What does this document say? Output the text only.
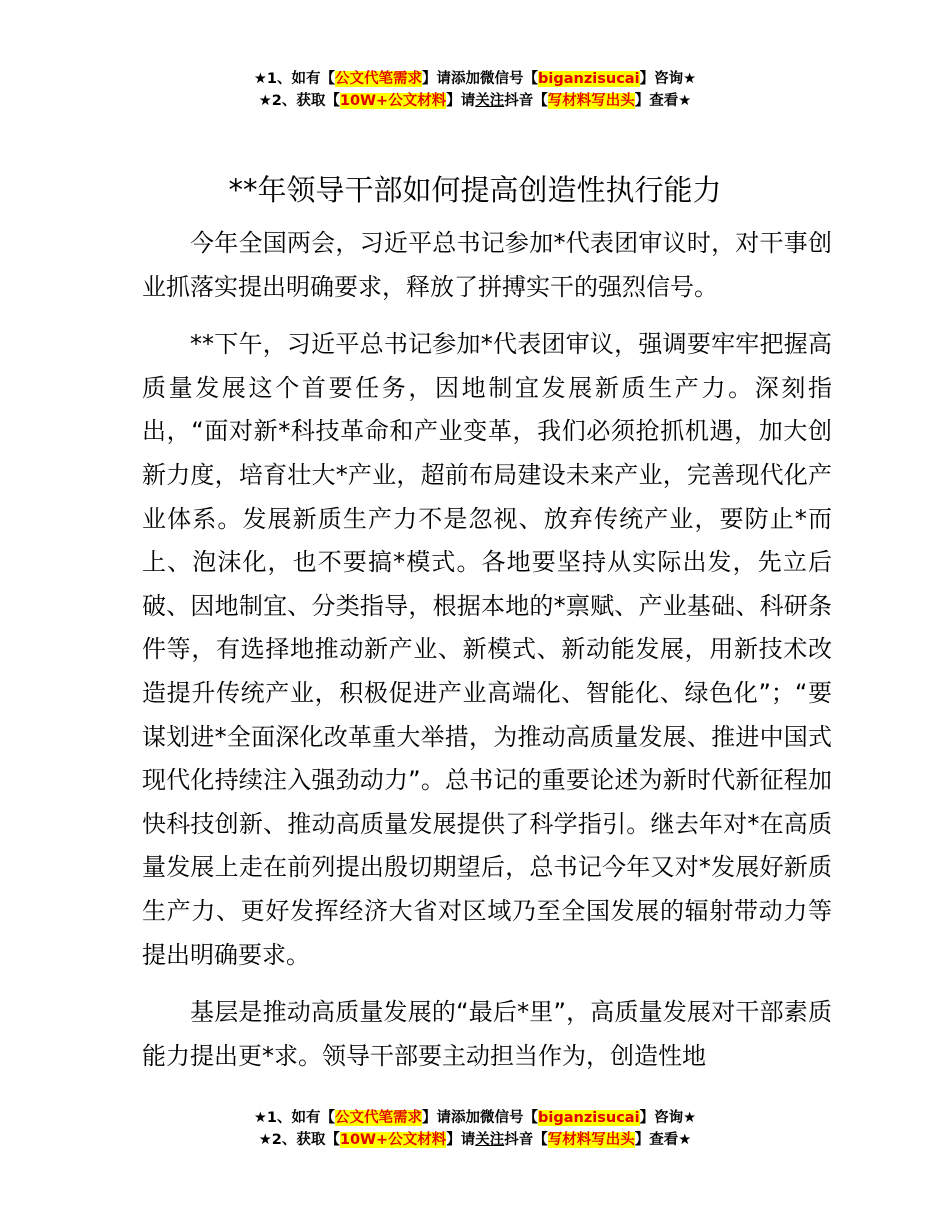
★1、如有【公文代笔需求】请添加微信号【biganzisucai】咨询★
★2、获取【10W+公文材料】请关注抖音【写材料写出头】查看★
**年领导干部如何提高创造性执行能力

今年全国两会，习近平总书记参加*代表团审议时，对干事创业抓落实提出明确要求，释放了拼搏实干的强烈信号。

**下午，习近平总书记参加*代表团审议，强调要牢牢把握高质量发展这个首要任务，因地制宜发展新质生产力。深刻指出，“面对新*科技革命和产业变革，我们必须抢抓机遇，加大创新力度，培育壮大*产业，超前布局建设未来产业，完善现代化产业体系。发展新质生产力不是忽视、放弃传统产业，要防止*而上、泡沫化，也不要搞*模式。各地要坚持从实际出发，先立后破、因地制宜、分类指导，根据本地的*禀赋、产业基础、科研条件等，有选择地推动新产业、新模式、新动能发展，用新技术改造提升传统产业，积极促进产业高端化、智能化、绿色化”；“要谋划进*全面深化改革重大举措，为推动高质量发展、推进中国式现代化持续注入强劲动力”。总书记的重要论述为新时代新征程加快科技创新、推动高质量发展提供了科学指引。继去年对*在高质量发展上走在前列提出殷切期望后，总书记今年又对*发展好新质生产力、更好发挥经济大省对区域乃至全国发展的辐射带动力等提出明确要求。

基层是推动高质量发展的“最后*里”，高质量发展对干部素质能力提出更*求。领导干部要主动担当作为，创造性地

★1、如有【公文代笔需求】请添加微信号【biganzisucai】咨询★
★2、获取【10W+公文材料】请关注抖音【写材料写出头】查看★
